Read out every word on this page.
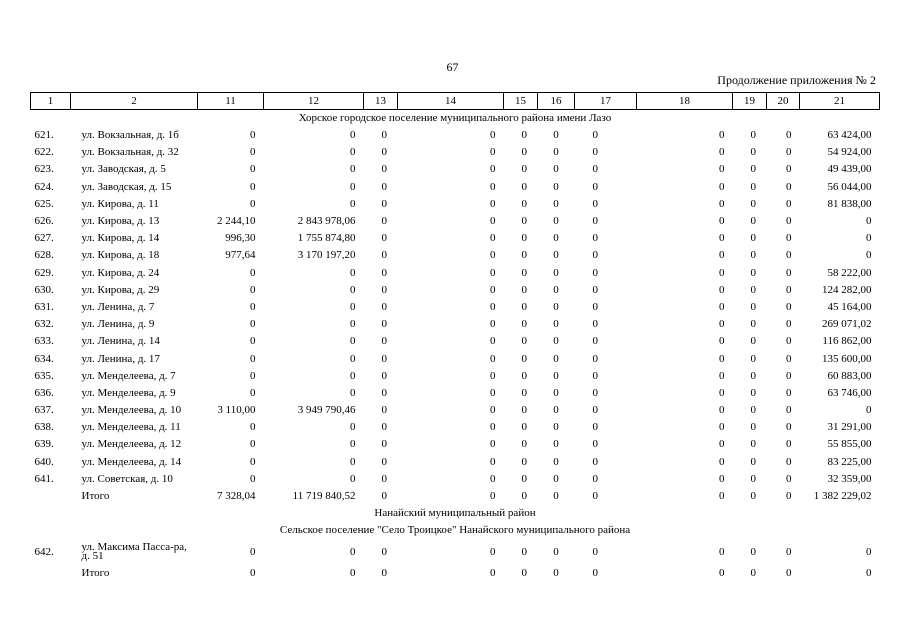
67
Продолжение приложения № 2
1	2	11	12	13	14	15	16	17	18	19	20	21
Хорское городское поселение муниципального района имени Лазо												
621.	ул. Вокзальная, д. 1б	0	0	0	0	0	0	0	0	0	0	63 424,00
622.	ул. Вокзальная, д. 32	0	0	0	0	0	0	0	0	0	0	54 924,00
623.	ул. Заводская, д. 5	0	0	0	0	0	0	0	0	0	0	49 439,00
624.	ул. Заводская, д. 15	0	0	0	0	0	0	0	0	0	0	56 044,00
625.	ул. Кирова, д. 11	0	0	0	0	0	0	0	0	0	0	81 838,00
626.	ул. Кирова, д. 13	2 244,10	2 843 978,06	0	0	0	0	0	0	0	0	0
627.	ул. Кирова, д. 14	996,30	1 755 874,80	0	0	0	0	0	0	0	0	0
628.	ул. Кирова, д. 18	977,64	3 170 197,20	0	0	0	0	0	0	0	0	0
629.	ул. Кирова, д. 24	0	0	0	0	0	0	0	0	0	0	58 222,00
630.	ул. Кирова, д. 29	0	0	0	0	0	0	0	0	0	0	124 282,00
631.	ул. Ленина, д. 7	0	0	0	0	0	0	0	0	0	0	45 164,00
632.	ул. Ленина, д. 9	0	0	0	0	0	0	0	0	0	0	269 071,02
633.	ул. Ленина, д. 14	0	0	0	0	0	0	0	0	0	0	116 862,00
634.	ул. Ленина, д. 17	0	0	0	0	0	0	0	0	0	0	135 600,00
635.	ул. Менделеева, д. 7	0	0	0	0	0	0	0	0	0	0	60 883,00
636.	ул. Менделеева, д. 9	0	0	0	0	0	0	0	0	0	0	63 746,00
637.	ул. Менделеева, д. 10	3 110,00	3 949 790,46	0	0	0	0	0	0	0	0	0
638.	ул. Менделеева, д. 11	0	0	0	0	0	0	0	0	0	0	31 291,00
639.	ул. Менделеева, д. 12	0	0	0	0	0	0	0	0	0	0	55 855,00
640.	ул. Менделеева, д. 14	0	0	0	0	0	0	0	0	0	0	83 225,00
641.	ул. Советская, д. 10	0	0	0	0	0	0	0	0	0	0	32 359,00
	Итого	7 328,04	11 719 840,52	0	0	0	0	0	0	0	0	1 382 229,02
Нанайский муниципальный район												
Сельское поселение "Село Троицкое" Нанайского муниципального района												
642.	ул. Максима Пасса-ра, д. 51	0	0	0	0	0	0	0	0	0	0	0
	Итого	0	0	0	0	0	0	0	0	0	0	0
